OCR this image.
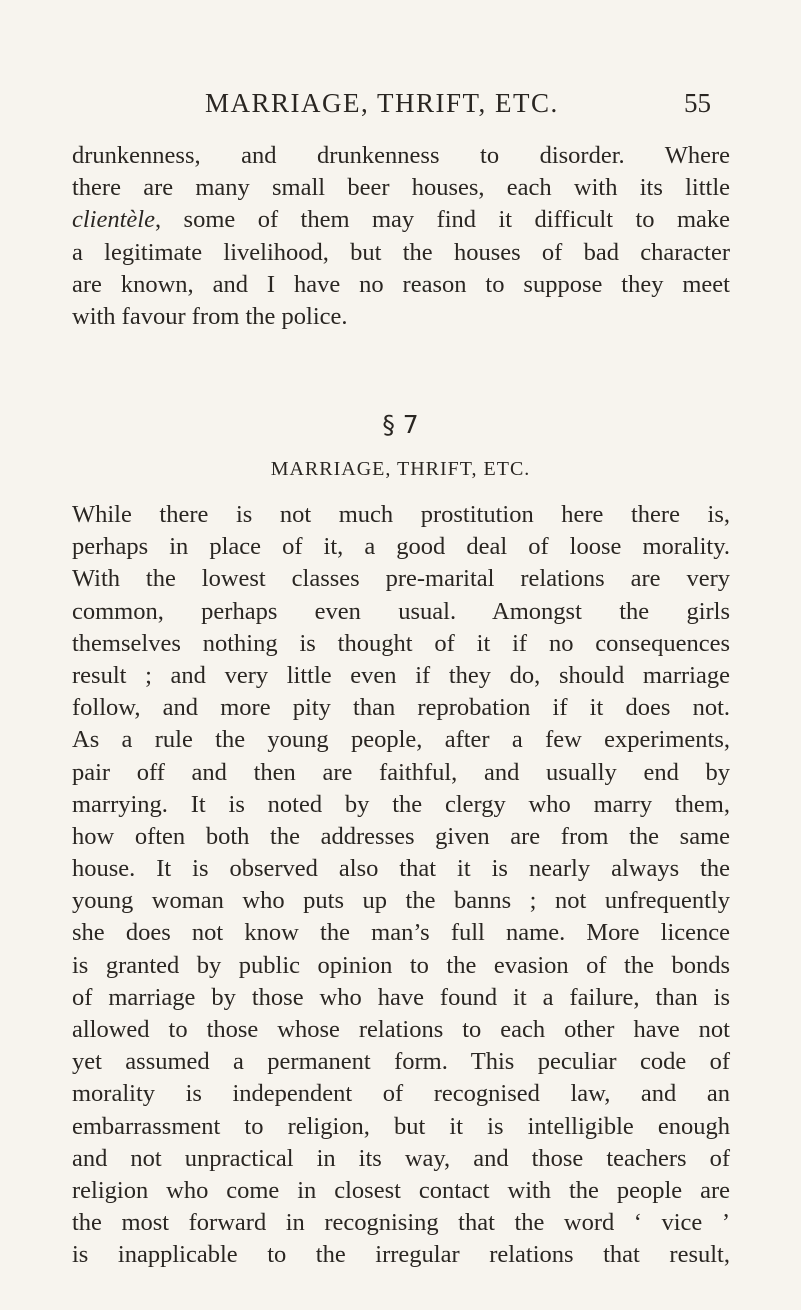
MARRIAGE, THRIFT, ETC.	55
drunkenness, and drunkenness to disorder. Where
there are many small beer houses, each with its little
clientèle, some of them may find it difficult to make
a legitimate livelihood, but the houses of bad character
are known, and I have no reason to suppose they meet
with favour from the police.
§ 7
MARRIAGE, THRIFT, ETC.
While there is not much prostitution here there is,
perhaps in place of it, a good deal of loose morality.
With the lowest classes pre-marital relations are very
common, perhaps even usual. Amongst the girls
themselves nothing is thought of it if no consequences
result ; and very little even if they do, should marriage
follow, and more pity than reprobation if it does not.
As a rule the young people, after a few experiments,
pair off and then are faithful, and usually end by
marrying. It is noted by the clergy who marry them,
how often both the addresses given are from the same
house. It is observed also that it is nearly always the
young woman who puts up the banns ; not unfrequently
she does not know the man’s full name. More licence
is granted by public opinion to the evasion of the bonds
of marriage by those who have found it a failure, than is
allowed to those whose relations to each other have not
yet assumed a permanent form. This peculiar code of
morality is independent of recognised law, and an
embarrassment to religion, but it is intelligible enough
and not unpractical in its way, and those teachers of
religion who come in closest contact with the people are
the most forward in recognising that the word ‘ vice ’
is inapplicable to the irregular relations that result,
